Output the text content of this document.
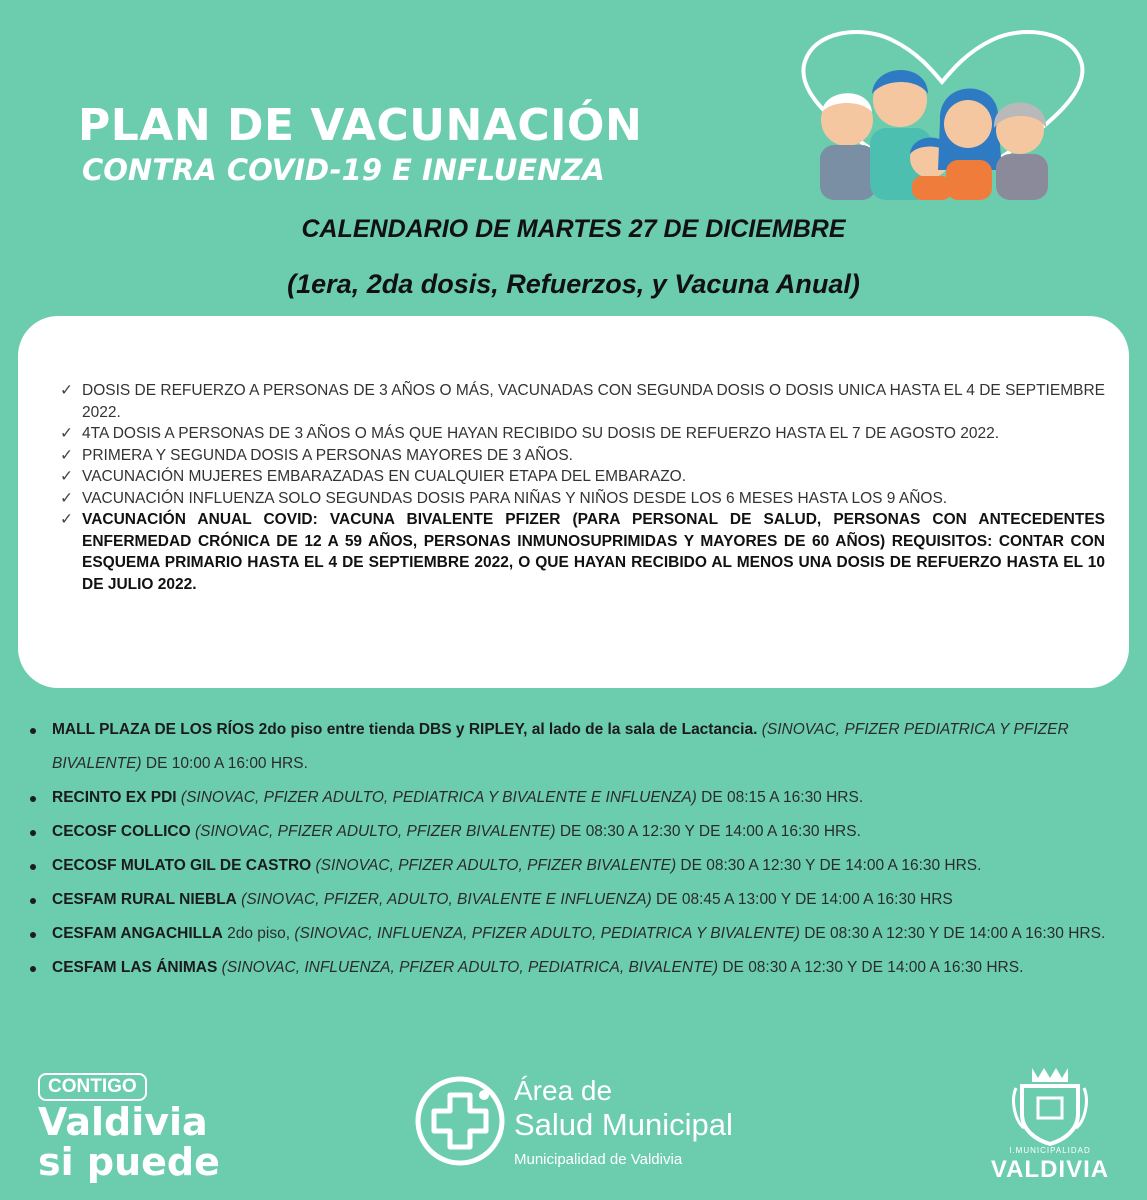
PLAN DE VACUNACIÓN
CONTRA COVID-19 E INFLUENZA
CALENDARIO DE MARTES 27 DE DICIEMBRE
(1era, 2da dosis, Refuerzos, y Vacuna Anual)
✓ DOSIS DE REFUERZO A PERSONAS DE 3 AÑOS O MÁS, VACUNADAS CON SEGUNDA DOSIS O DOSIS UNICA HASTA EL 4 DE SEPTIEMBRE 2022.
✓ 4TA DOSIS A PERSONAS DE 3 AÑOS O MÁS QUE HAYAN RECIBIDO SU DOSIS DE REFUERZO HASTA EL 7 DE AGOSTO 2022.
✓ PRIMERA Y SEGUNDA DOSIS A PERSONAS MAYORES DE 3 AÑOS.
✓ VACUNACIÓN MUJERES EMBARAZADAS EN CUALQUIER ETAPA DEL EMBARAZO.
✓ VACUNACIÓN INFLUENZA SOLO SEGUNDAS DOSIS PARA NIÑAS Y NIÑOS DESDE LOS 6 MESES HASTA LOS 9 AÑOS.
✓ VACUNACIÓN ANUAL COVID: VACUNA BIVALENTE PFIZER (PARA PERSONAL DE SALUD, PERSONAS CON ANTECEDENTES ENFERMEDAD CRÓNICA DE 12 A 59 AÑOS, PERSONAS INMUNOSUPRIMIDAS Y MAYORES DE 60 AÑOS) REQUISITOS: CONTAR CON ESQUEMA PRIMARIO HASTA EL 4 DE SEPTIEMBRE 2022, O QUE HAYAN RECIBIDO AL MENOS UNA DOSIS DE REFUERZO HASTA EL 10 DE JULIO 2022.
MALL PLAZA DE LOS RÍOS 2do piso entre tienda DBS y RIPLEY, al lado de la sala de Lactancia. (SINOVAC, PFIZER PEDIATRICA Y PFIZER BIVALENTE) DE 10:00 A 16:00 HRS.
RECINTO EX PDI (SINOVAC, PFIZER ADULTO, PEDIATRICA Y BIVALENTE E INFLUENZA) DE 08:15 A 16:30 HRS.
CECOSF COLLICO (SINOVAC, PFIZER ADULTO, PFIZER BIVALENTE) DE 08:30 A 12:30 Y DE 14:00 A 16:30 HRS.
CECOSF MULATO GIL DE CASTRO (SINOVAC, PFIZER ADULTO, PFIZER BIVALENTE) DE 08:30 A 12:30 Y DE 14:00 A 16:30 HRS.
CESFAM RURAL NIEBLA (SINOVAC, PFIZER, ADULTO, BIVALENTE E INFLUENZA) DE 08:45 A 13:00 Y DE 14:00 A 16:30 HRS
CESFAM ANGACHILLA 2do piso, (SINOVAC, INFLUENZA, PFIZER ADULTO, PEDIATRICA Y BIVALENTE) DE 08:30 A 12:30 Y DE 14:00 A 16:30 HRS.
CESFAM LAS ÁNIMAS (SINOVAC, INFLUENZA, PFIZER ADULTO, PEDIATRICA, BIVALENTE) DE 08:30 A 12:30 Y DE 14:00 A 16:30 HRS.
CONTIGO
Valdivia
si puede
Área de
Salud Municipal
Municipalidad de Valdivia
I.MUNICIPALIDAD
VALDIVIA
